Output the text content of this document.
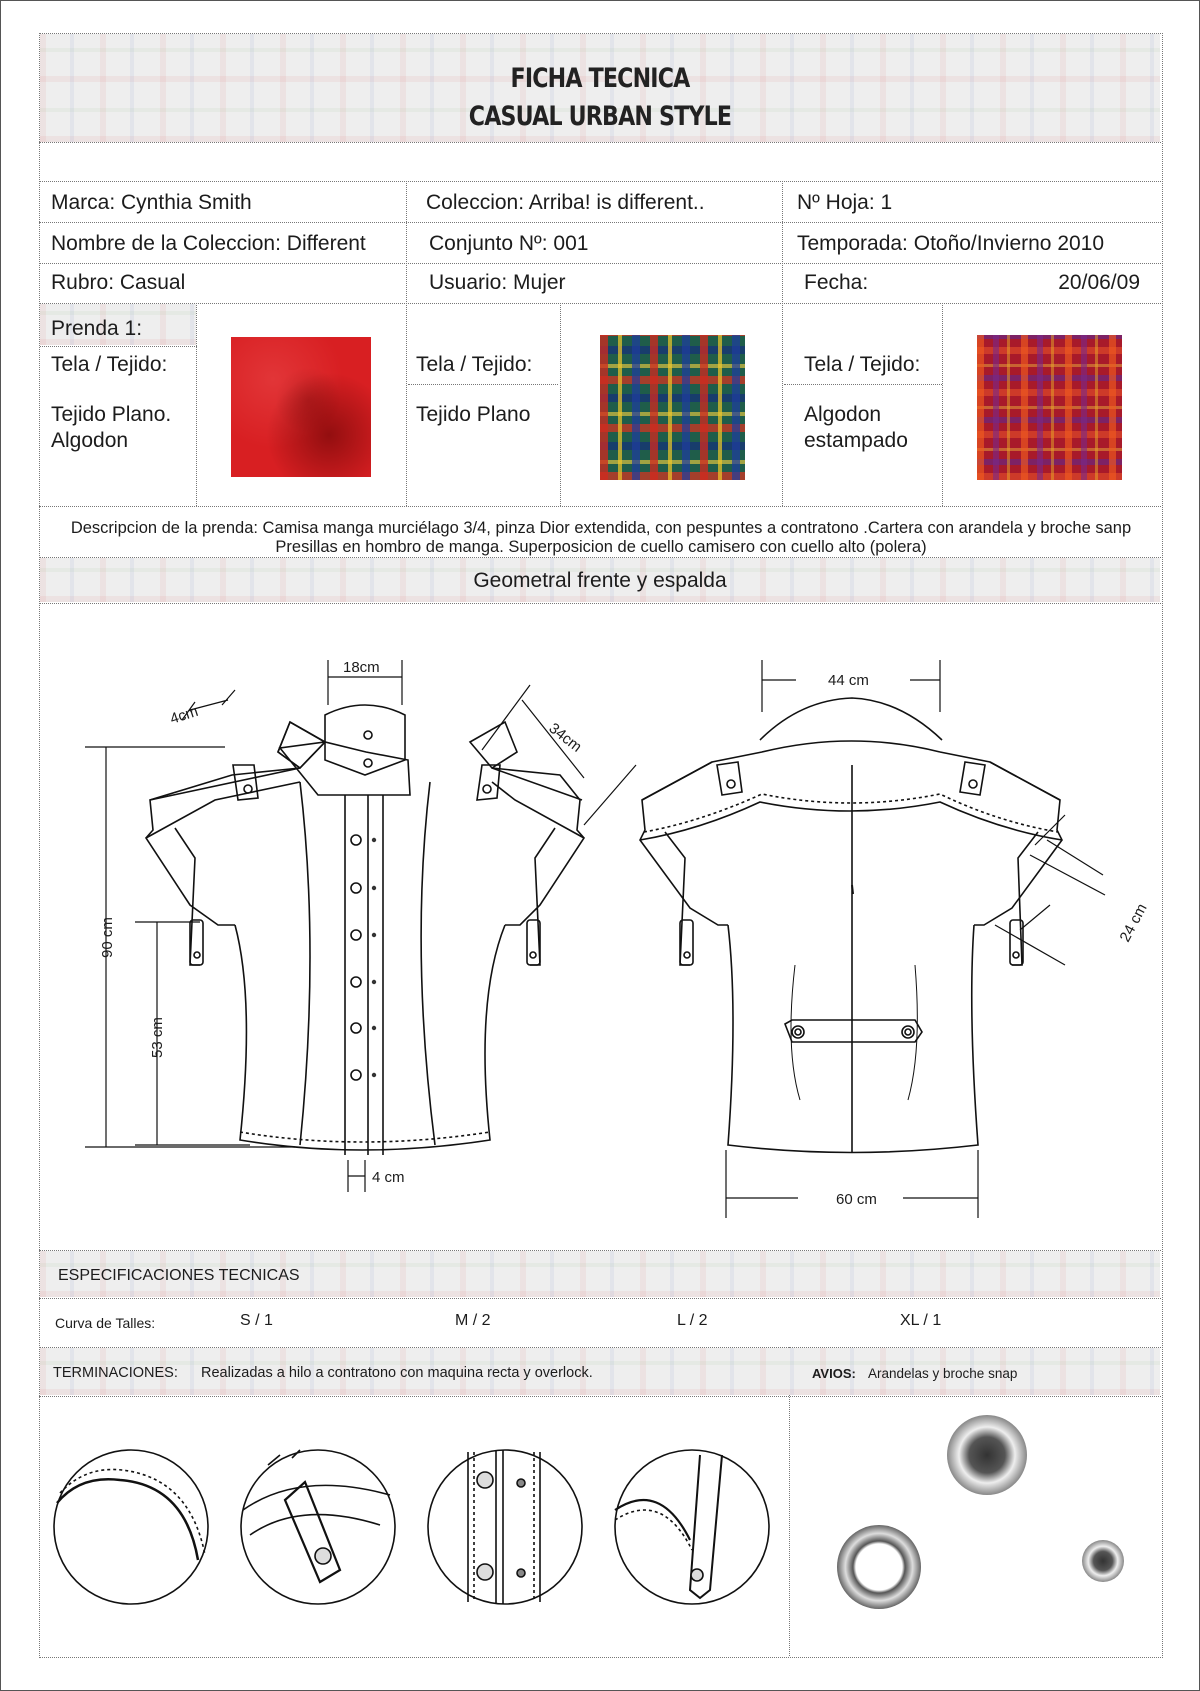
FICHA TECNICA
CASUAL URBAN STYLE
Marca: Cynthia Smith	Coleccion: Arriba! is different..	Nº Hoja: 1
Nombre de la Coleccion: Different	Conjunto Nº: 001	Temporada: Otoño/Invierno 2010
Rubro: Casual	Usuario: Mujer	Fecha:	20/06/09
Prenda 1:
Tela / Tejido:
Tejido Plano.
Algodon
Tela / Tejido:
Tejido Plano
Tela / Tejido:
Algodon
estampado
Descripcion de la prenda: Camisa manga murciélago 3/4, pinza Dior extendida, con pespuntes a contratono .Cartera con arandela y broche sanp
Presillas en hombro de manga. Superposicion de cuello camisero con cuello alto (polera)
Geometral frente y espalda
18cm
4cm
34cm
90 cm
53 cm
4 cm
44 cm
24 cm
60 cm
ESPECIFICACIONES TECNICAS
Curva de Talles:	S / 1	M / 2	L / 2	XL / 1
TERMINACIONES: Realizadas a hilo a contratono con maquina recta y overlock.	AVIOS: Arandelas y broche snap
